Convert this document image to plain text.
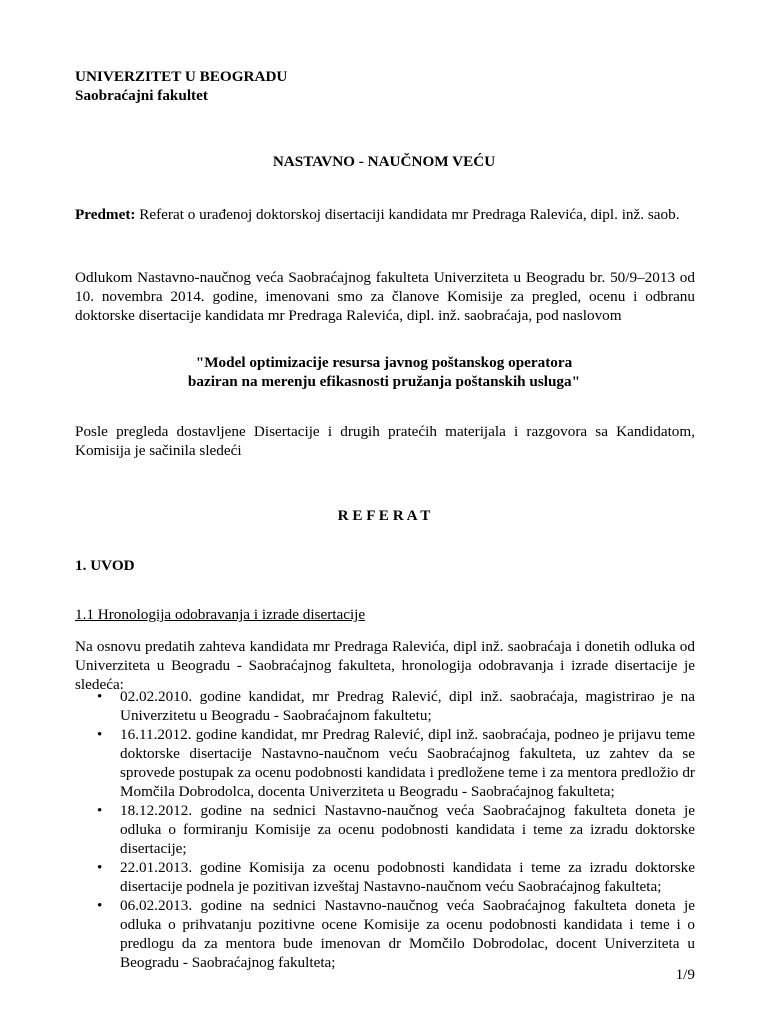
UNIVERZITET U BEOGRADU
Saobraćajni fakultet
NASTAVNO - NAUČNOM VEĆU
Predmet: Referat o urađenoj doktorskoj disertaciji kandidata mr Predraga Ralevića, dipl. inž. saob.
Odlukom Nastavno-naučnog veća Saobraćajnog fakulteta Univerziteta u Beogradu br. 50/9–2013 od 10. novembra 2014. godine, imenovani smo za članove Komisije za pregled, ocenu i odbranu doktorske disertacije kandidata mr Predraga Ralevića, dipl. inž. saobraćaja, pod naslovom
"Model optimizacije resursa javnog poštanskog operatora
baziran na merenju efikasnosti pružanja poštanskih usluga"
Posle pregleda dostavljene Disertacije i drugih pratećih materijala i razgovora sa Kandidatom, Komisija je sačinila sledeći
R E F E R A T
1. UVOD
1.1 Hronologija odobravanja i izrade disertacije
Na osnovu predatih zahteva kandidata mr Predraga Ralevića, dipl inž. saobraćaja i donetih odluka od Univerziteta u Beogradu - Saobraćajnog fakulteta, hronologija odobravanja i izrade disertacije je sledeća:
• 02.02.2010. godine kandidat, mr Predrag Ralević, dipl inž. saobraćaja, magistrirao je na Univerzitetu u Beogradu - Saobraćajnom fakultetu;
• 16.11.2012. godine kandidat, mr Predrag Ralević, dipl inž. saobraćaja, podneo je prijavu teme doktorske disertacije Nastavno-naučnom veću Saobraćajnog fakulteta, uz zahtev da se sprovede postupak za ocenu podobnosti kandidata i predložene teme i za mentora predložio dr Momčila Dobrodolca, docenta Univerziteta u Beogradu - Saobraćajnog fakulteta;
• 18.12.2012. godine na sednici Nastavno-naučnog veća Saobraćajnog fakulteta doneta je odluka o formiranju Komisije za ocenu podobnosti kandidata i teme za izradu doktorske disertacije;
• 22.01.2013. godine Komisija za ocenu podobnosti kandidata i teme za izradu doktorske disertacije podnela je pozitivan izveštaj Nastavno-naučnom veću Saobraćajnog fakulteta;
• 06.02.2013. godine na sednici Nastavno-naučnog veća Saobraćajnog fakulteta doneta je odluka o prihvatanju pozitivne ocene Komisije za ocenu podobnosti kandidata i teme i o predlogu da za mentora bude imenovan dr Momčilo Dobrodolac, docent Univerziteta u Beogradu - Saobraćajnog fakulteta;
1/9
